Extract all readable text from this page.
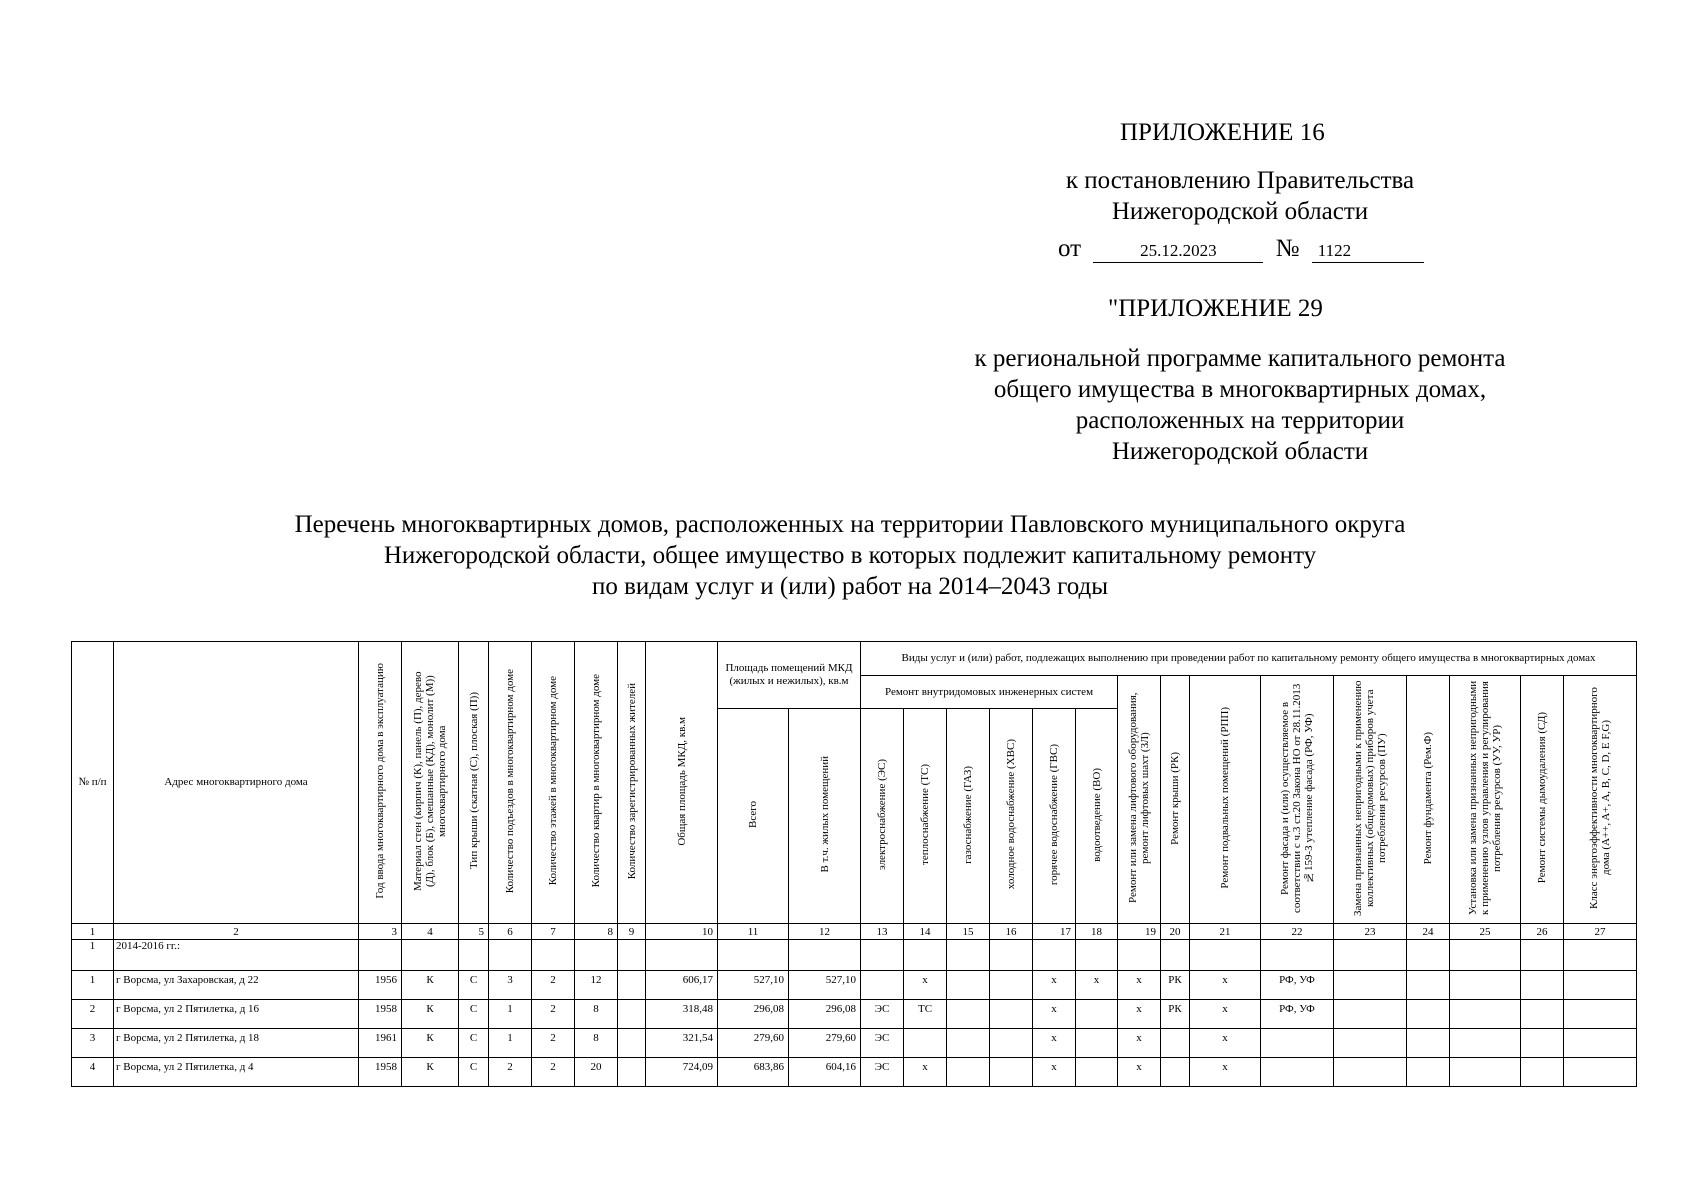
ПРИЛОЖЕНИЕ 16
к постановлению Правительства
Нижегородской области
от	25.12.2023 № 1122
"ПРИЛОЖЕНИЕ 29
к региональной программе капитального ремонта
общего имущества в многоквартирных домах,
расположенных на территории
Нижегородской области
Перечень многоквартирных домов, расположенных на территории Павловского муниципального округа
Нижегородской области, общее имущество в которых подлежит капитальному ремонту
по видам услуг и (или) работ на 2014–2043 годы
№ п/п	Адрес многоквартирного дома	Год ввода многоквартирного дома в эксплуатацию	Материал стен (кирпич (К), панель (П), дерево (Д), блок (Б), смешанные (КД), монолит (М)) многоквартирного дома	Тип крыши (скатная (С), плоская (П))	Количество подъездов в многоквартирном доме	Количество этажей в многоквартирном доме	Количество квартир в многоквартирном доме	Количество зарегистрированных жителей	Общая площадь МКД, кв.м	Площадь помещений МКД (жилых и нежилых), кв.м		Виды услуг и (или) работ, подлежащих выполнению при проведении работ по капитальному ремонту общего имущества в многоквартирных домах														
												Ремонт внутридомовых инженерных систем						Ремонт или замена лифтового оборудования, ремонт лифтовых шахт (ЗЛ)	Ремонт крыши (РК)	Ремонт подвальных помещений (РПП)	Ремонт фасада и (или) осуществляемое в соответствии с ч.3 ст.20 Закона НО от 28.11.2013 №159-З утепление фасада (РФ, УФ)	Замена признанных непригодными к применению коллективных (общедомовых) приборов учета потребления ресурсов (ПУ)	Ремонт фундамента (Рем.Ф)	Установка или замена признанных непригодными к применению узлов управления и регулирования потребления ресурсов (УУ, УР)	Ремонт системы дымоудаления (СД)	Класс энергоэффективности многоквартирного дома (A++, A+, A, B, C, D, E F,G)
										Всего	В т.ч. жилых помещений	электроснабжение (ЭС)	теплоснабжение (ТС)	газоснабжение (ГАЗ)	холодное водоснабжение (ХВС)	горячее водоснабжение (ГВС)	водоотведение (ВО)									
1	2	3	4	5	6	7	8	9	10	11	12	13	14	15	16	17	18	19	20	21	22	23	24	25	26	27
1	2014-2016 гг.:																									
1	г Ворсма, ул Захаровская, д 22	1956	К	С	3	2	12		606,17	527,10	527,10		х			х	х	х	РК	х	РФ, УФ					
2	г Ворсма, ул 2 Пятилетка, д 16	1958	К	С	1	2	8		318,48	296,08	296,08	ЭС	ТС			х		х	РК	х	РФ, УФ					
3	г Ворсма, ул 2 Пятилетка, д 18	1961	К	С	1	2	8		321,54	279,60	279,60	ЭС				х		х		х						
4	г Ворсма, ул 2 Пятилетка, д 4	1958	К	С	2	2	20		724,09	683,86	604,16	ЭС	х			х		х		х						
